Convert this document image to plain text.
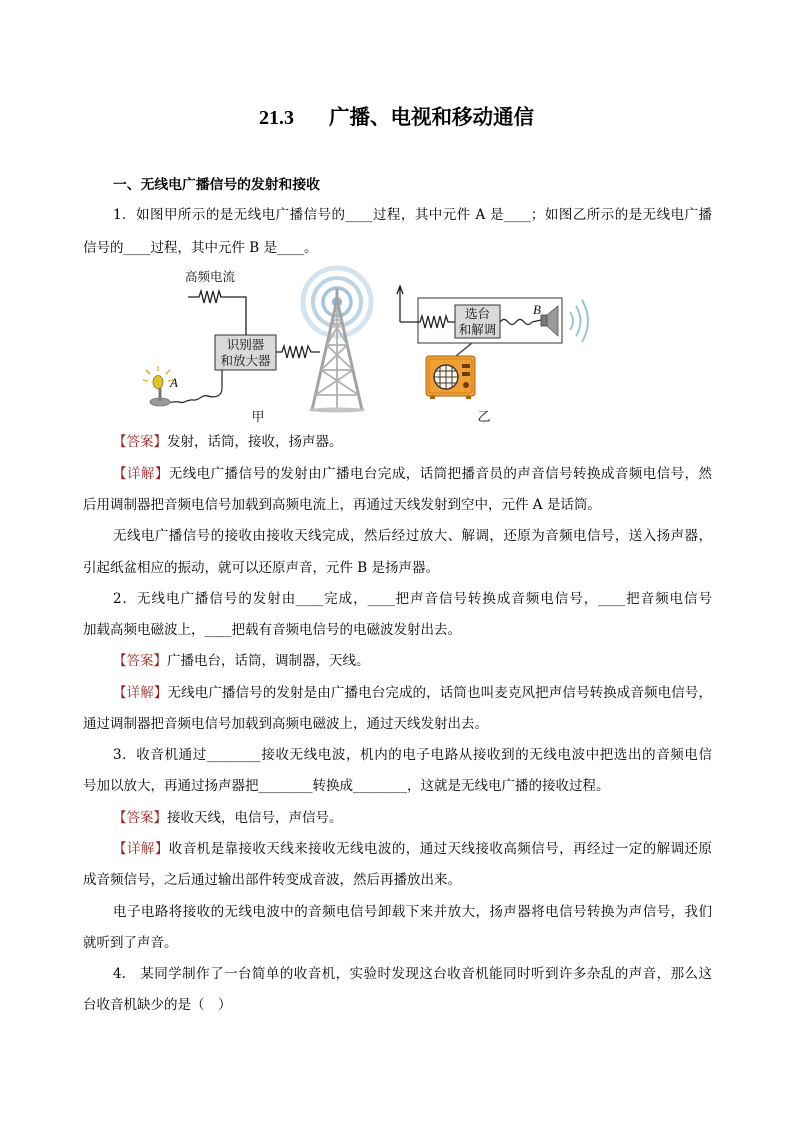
21.3 广播、电视和移动通信
一、无线电广播信号的发射和接收
1．如图甲所示的是无线电广播信号的____过程，其中元件 A 是____；如图乙所示的是无线电广播
信号的____过程，其中元件 B 是____。
高频电流
识别器
和放大器
A
甲
选台
和解调
B
乙
【答案】发射，话筒，接收，扬声器。
【详解】无线电广播信号的发射由广播电台完成，话筒把播音员的声音信号转换成音频电信号，然
后用调制器把音频电信号加载到高频电流上，再通过天线发射到空中，元件 A 是话筒。
无线电广播信号的接收由接收天线完成，然后经过放大、解调，还原为音频电信号，送入扬声器，
引起纸盆相应的振动，就可以还原声音，元件 B 是扬声器。
2．无线电广播信号的发射由____完成，____把声音信号转换成音频电信号，____把音频电信号
加载高频电磁波上，____把载有音频电信号的电磁波发射出去。
【答案】广播电台，话筒，调制器，天线。
【详解】无线电广播信号的发射是由广播电台完成的，话筒也叫麦克风把声信号转换成音频电信号，
通过调制器把音频电信号加载到高频电磁波上，通过天线发射出去。
3．收音机通过________接收无线电波，机内的电子电路从接收到的无线电波中把选出的音频电信
号加以放大，再通过扬声器把________转换成________，这就是无线电广播的接收过程。
【答案】接收天线，电信号，声信号。
【详解】收音机是靠接收天线来接收无线电波的，通过天线接收高频信号，再经过一定的解调还原
成音频信号，之后通过输出部件转变成音波，然后再播放出来。
电子电路将接收的无线电波中的音频电信号卸载下来并放大，扬声器将电信号转换为声信号，我们
就听到了声音。
4.　某同学制作了一台简单的收音机，实验时发现这台收音机能同时听到许多杂乱的声音，那么这
台收音机缺少的是（　）
